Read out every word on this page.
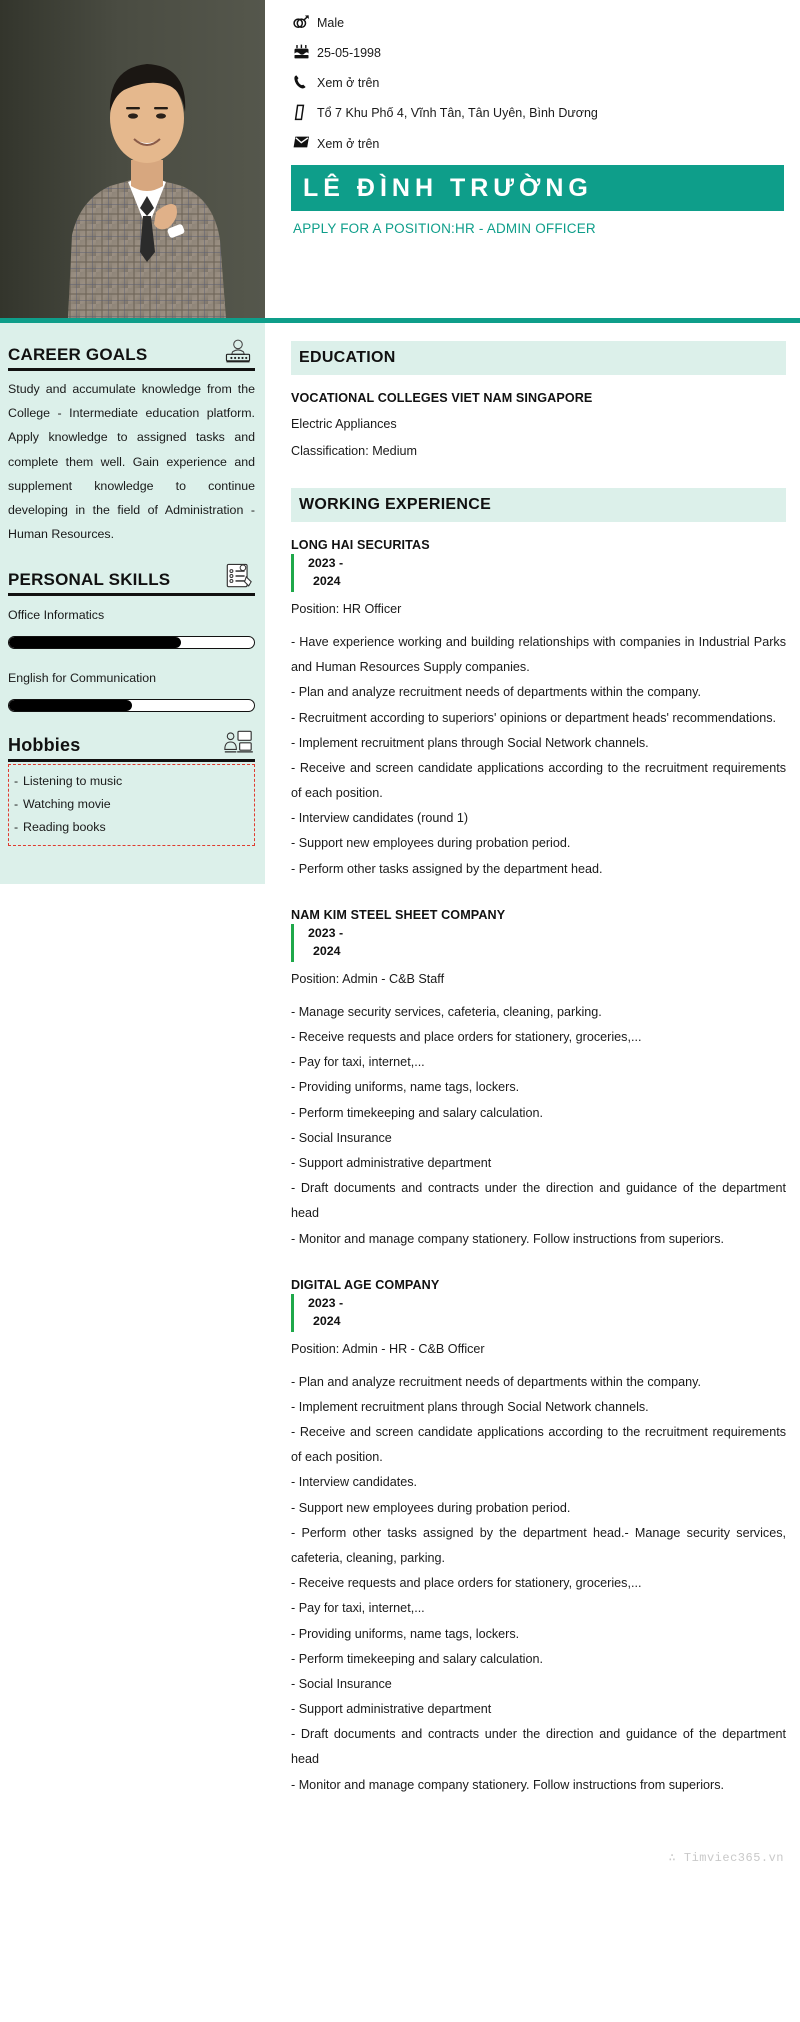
Male
25-05-1998
Xem ở trên
Tổ 7 Khu Phố 4, Vĩnh Tân, Tân Uyên, Bình Dương
Xem ở trên
LÊ ĐÌNH TRƯỜNG
APPLY FOR A POSITION:HR - ADMIN OFFICER
CAREER GOALS
Study and accumulate knowledge from the College - Intermediate education platform. Apply knowledge to assigned tasks and complete them well. Gain experience and supplement knowledge to continue developing in the field of Administration - Human Resources.
PERSONAL SKILLS
Office Informatics
English for Communication
Hobbies
- Listening to music
- Watching movie
- Reading books
EDUCATION
VOCATIONAL COLLEGES VIET NAM SINGAPORE
Electric Appliances
Classification: Medium
WORKING EXPERIENCE
LONG HAI SECURITAS
2023 -
2024
Position: HR Officer
- Have experience working and building relationships with companies in Industrial Parks and Human Resources Supply companies.
- Plan and analyze recruitment needs of departments within the company.
- Recruitment according to superiors' opinions or department heads' recommendations.
- Implement recruitment plans through Social Network channels.
- Receive and screen candidate applications according to the recruitment requirements of each position.
- Interview candidates (round 1)
- Support new employees during probation period.
- Perform other tasks assigned by the department head.
NAM KIM STEEL SHEET COMPANY
2023 -
2024
Position: Admin - C&B Staff
- Manage security services, cafeteria, cleaning, parking.
- Receive requests and place orders for stationery, groceries,...
- Pay for taxi, internet,...
- Providing uniforms, name tags, lockers.
- Perform timekeeping and salary calculation.
- Social Insurance
- Support administrative department
- Draft documents and contracts under the direction and guidance of the department head
- Monitor and manage company stationery. Follow instructions from superiors.
DIGITAL AGE COMPANY
2023 -
2024
Position: Admin - HR - C&B Officer
- Plan and analyze recruitment needs of departments within the company.
- Implement recruitment plans through Social Network channels.
- Receive and screen candidate applications according to the recruitment requirements of each position.
- Interview candidates.
- Support new employees during probation period.
- Perform other tasks assigned by the department head.- Manage security services, cafeteria, cleaning, parking.
- Receive requests and place orders for stationery, groceries,...
- Pay for taxi, internet,...
- Providing uniforms, name tags, lockers.
- Perform timekeeping and salary calculation.
- Social Insurance
- Support administrative department
- Draft documents and contracts under the direction and guidance of the department head
- Monitor and manage company stationery. Follow instructions from superiors.
∴ Timviec365.vn
